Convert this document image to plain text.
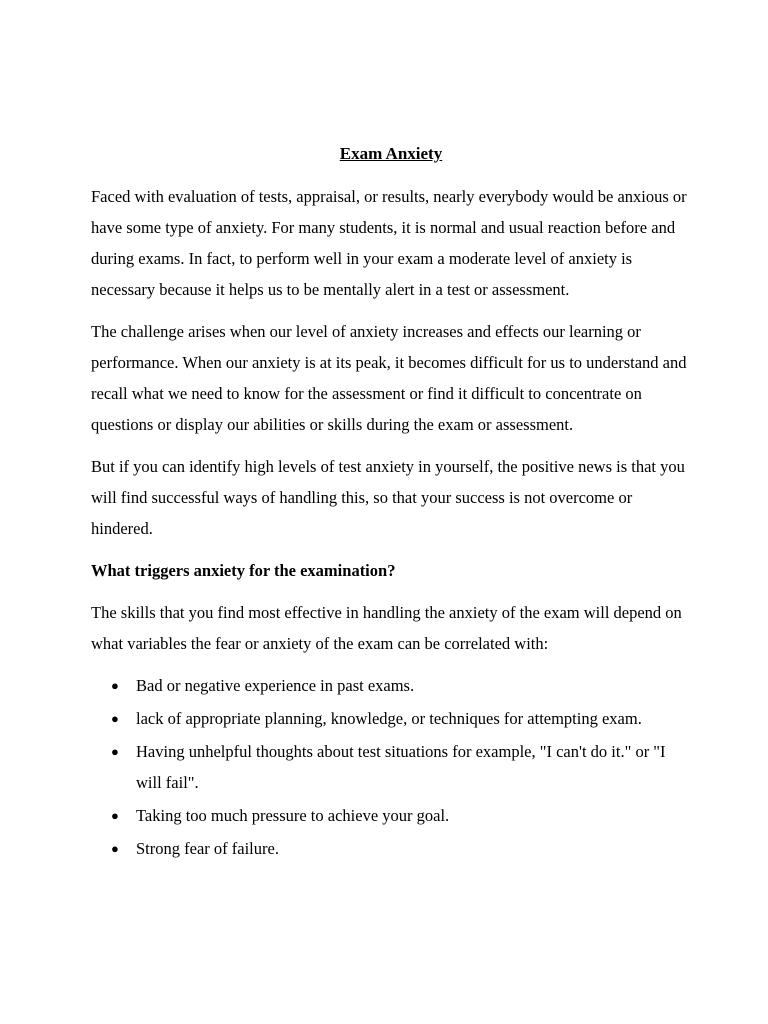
Exam Anxiety

Faced with evaluation of tests, appraisal, or results, nearly everybody would be anxious or have some type of anxiety. For many students, it is normal and usual reaction before and during exams. In fact, to perform well in your exam a moderate level of anxiety is necessary because it helps us to be mentally alert in a test or assessment.

The challenge arises when our level of anxiety increases and effects our learning or performance. When our anxiety is at its peak, it becomes difficult for us to understand and recall what we need to know for the assessment or find it difficult to concentrate on questions or display our abilities or skills during the exam or assessment.

But if you can identify high levels of test anxiety in yourself, the positive news is that you will find successful ways of handling this, so that your success is not overcome or hindered.

What triggers anxiety for the examination?

The skills that you find most effective in handling the anxiety of the exam will depend on what variables the fear or anxiety of the exam can be correlated with:

● Bad or negative experience in past exams.
● lack of appropriate planning, knowledge, or techniques for attempting exam.
● Having unhelpful thoughts about test situations for example, "I can't do it." or "I will fail".
● Taking too much pressure to achieve your goal.
● Strong fear of failure.
